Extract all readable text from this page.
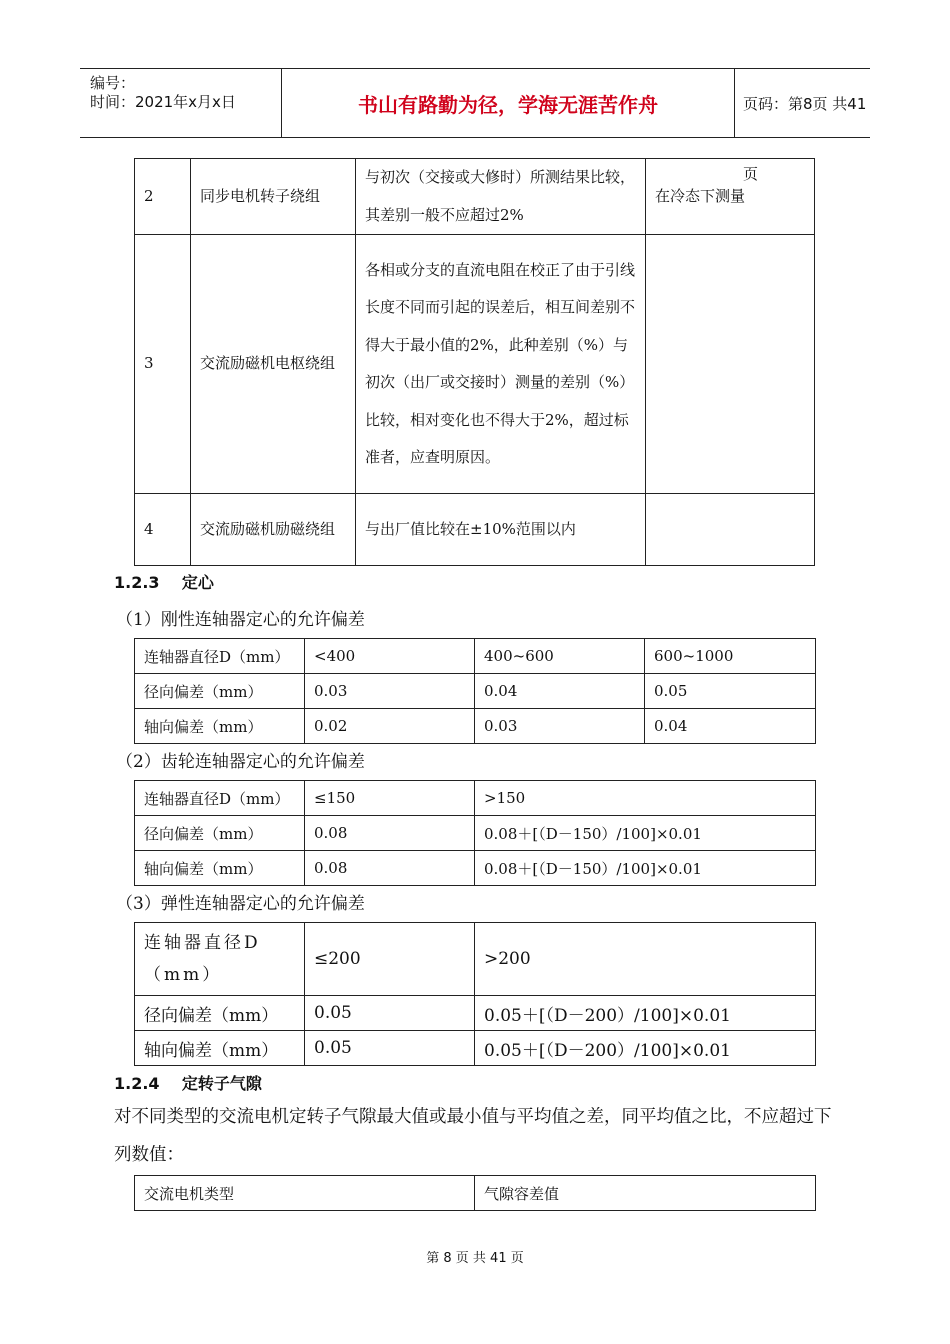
编号：
时间：2021年x月x日	书山有路勤为径，学海无涯苦作舟	页码：第8页 共41页
2	同步电机转子绕组	与初次（交接或大修时）所测结果比较，其差别一般不应超过2%	在冷态下测量
3	交流励磁机电枢绕组	各相或分支的直流电阻在校正了由于引线长度不同而引起的误差后，相互间差别不得大于最小值的2%，此种差别（%）与初次（出厂或交接时）测量的差别（%）比较，相对变化也不得大于2%，超过标准者，应查明原因。	
4	交流励磁机励磁绕组	与出厂值比较在±10%范围以内	
1.2.3 定心
（1）刚性连轴器定心的允许偏差
连轴器直径D（mm）	<400	400~600	600~1000
径向偏差（mm）	0.03	0.04	0.05
轴向偏差（mm）	0.02	0.03	0.04
（2）齿轮连轴器定心的允许偏差
连轴器直径D（mm）	≤150	>150
径向偏差（mm）	0.08	0.08＋[（D－150）/100]×0.01
轴向偏差（mm）	0.08	0.08＋[（D－150）/100]×0.01
（3）弹性连轴器定心的允许偏差
连轴器直径D（mm）	≤200	>200
径向偏差（mm）	0.05	0.05＋[（D－200）/100]×0.01
轴向偏差（mm）	0.05	0.05＋[（D－200）/100]×0.01
1.2.4 定转子气隙
对不同类型的交流电机定转子气隙最大值或最小值与平均值之差，同平均值之比，不应超过下列数值：
交流电机类型	气隙容差值
第 8 页 共 41 页
